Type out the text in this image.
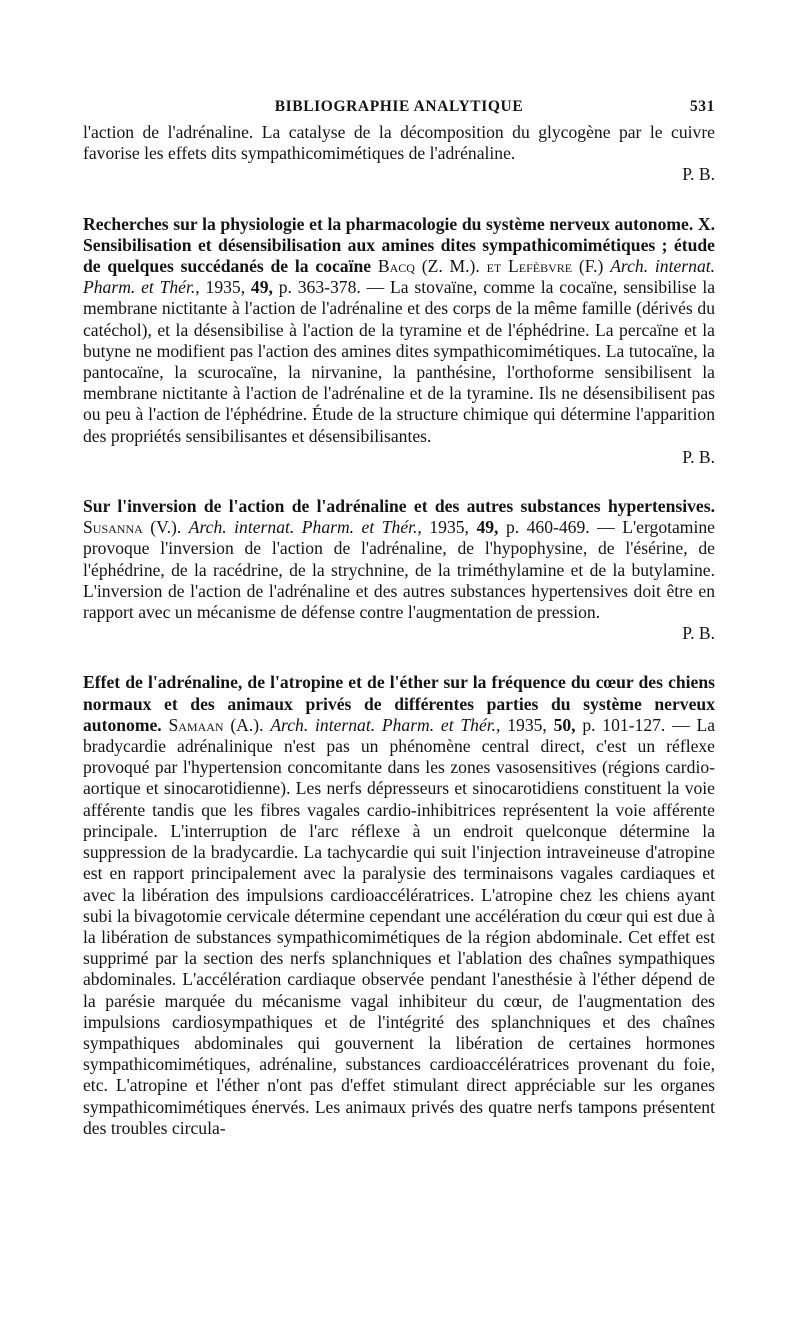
BIBLIOGRAPHIE ANALYTIQUE	531

l'action de l'adrénaline. La catalyse de la décomposition du glycogène par le cuivre favorise les effets dits sympathicomimétiques de l'adrénaline.

P. B.

Recherches sur la physiologie et la pharmacologie du système nerveux autonome. X. Sensibilisation et désensibilisation aux amines dites sympathicomimétiques ; étude de quelques succédanés de la cocaïne Bacq (Z. M.). et Lefèbvre (F.) Arch. internat. Pharm. et Thér., 1935, 49, p. 363-378. — La stovaïne, comme la cocaïne, sensibilise la membrane nictitante à l'action de l'adrénaline et des corps de la même famille (dérivés du catéchol), et la désensibilise à l'action de la tyramine et de l'éphédrine. La percaïne et la butyne ne modifient pas l'action des amines dites sympathicomimétiques. La tutocaïne, la pantocaïne, la scurocaïne, la nirvanine, la panthésine, l'orthoforme sensibilisent la membrane nictitante à l'action de l'adrénaline et de la tyramine. Ils ne désensibilisent pas ou peu à l'action de l'éphédrine. Étude de la structure chimique qui détermine l'apparition des propriétés sensibilisantes et désensibilisantes.

P. B.

Sur l'inversion de l'action de l'adrénaline et des autres substances hypertensives. Susanna (V.). Arch. internat. Pharm. et Thér., 1935, 49, p. 460-469. — L'ergotamine provoque l'inversion de l'action de l'adrénaline, de l'hypophysine, de l'ésérine, de l'éphédrine, de la racédrine, de la strychnine, de la triméthylamine et de la butylamine. L'inversion de l'action de l'adrénaline et des autres substances hypertensives doit être en rapport avec un mécanisme de défense contre l'augmentation de pression.

P. B.

Effet de l'adrénaline, de l'atropine et de l'éther sur la fréquence du cœur des chiens normaux et des animaux privés de différentes parties du système nerveux autonome. Samaan (A.). Arch. internat. Pharm. et Thér., 1935, 50, p. 101-127. — La bradycardie adrénalinique n'est pas un phénomène central direct, c'est un réflexe provoqué par l'hypertension concomitante dans les zones vasosensitives (régions cardio-aortique et sinocarotidienne). Les nerfs dépresseurs et sinocarotidiens constituent la voie afférente tandis que les fibres vagales cardio-inhibitrices représentent la voie afférente principale. L'interruption de l'arc réflexe à un endroit quelconque détermine la suppression de la bradycardie. La tachycardie qui suit l'injection intraveineuse d'atropine est en rapport principalement avec la paralysie des terminaisons vagales cardiaques et avec la libération des impulsions cardioaccélératrices. L'atropine chez les chiens ayant subi la bivagotomie cervicale détermine cependant une accélération du cœur qui est due à la libération de substances sympathicomimétiques de la région abdominale. Cet effet est supprimé par la section des nerfs splanchniques et l'ablation des chaînes sympathiques abdominales. L'accélération cardiaque observée pendant l'anesthésie à l'éther dépend de la parésie marquée du mécanisme vagal inhibiteur du cœur, de l'augmentation des impulsions cardiosympathiques et de l'intégrité des splanchniques et des chaînes sympathiques abdominales qui gouvernent la libération de certaines hormones sympathicomimétiques, adrénaline, substances cardioaccélératrices provenant du foie, etc. L'atropine et l'éther n'ont pas d'effet stimulant direct appréciable sur les organes sympathicomimétiques énervés. Les animaux privés des quatre nerfs tampons présentent des troubles circula-
